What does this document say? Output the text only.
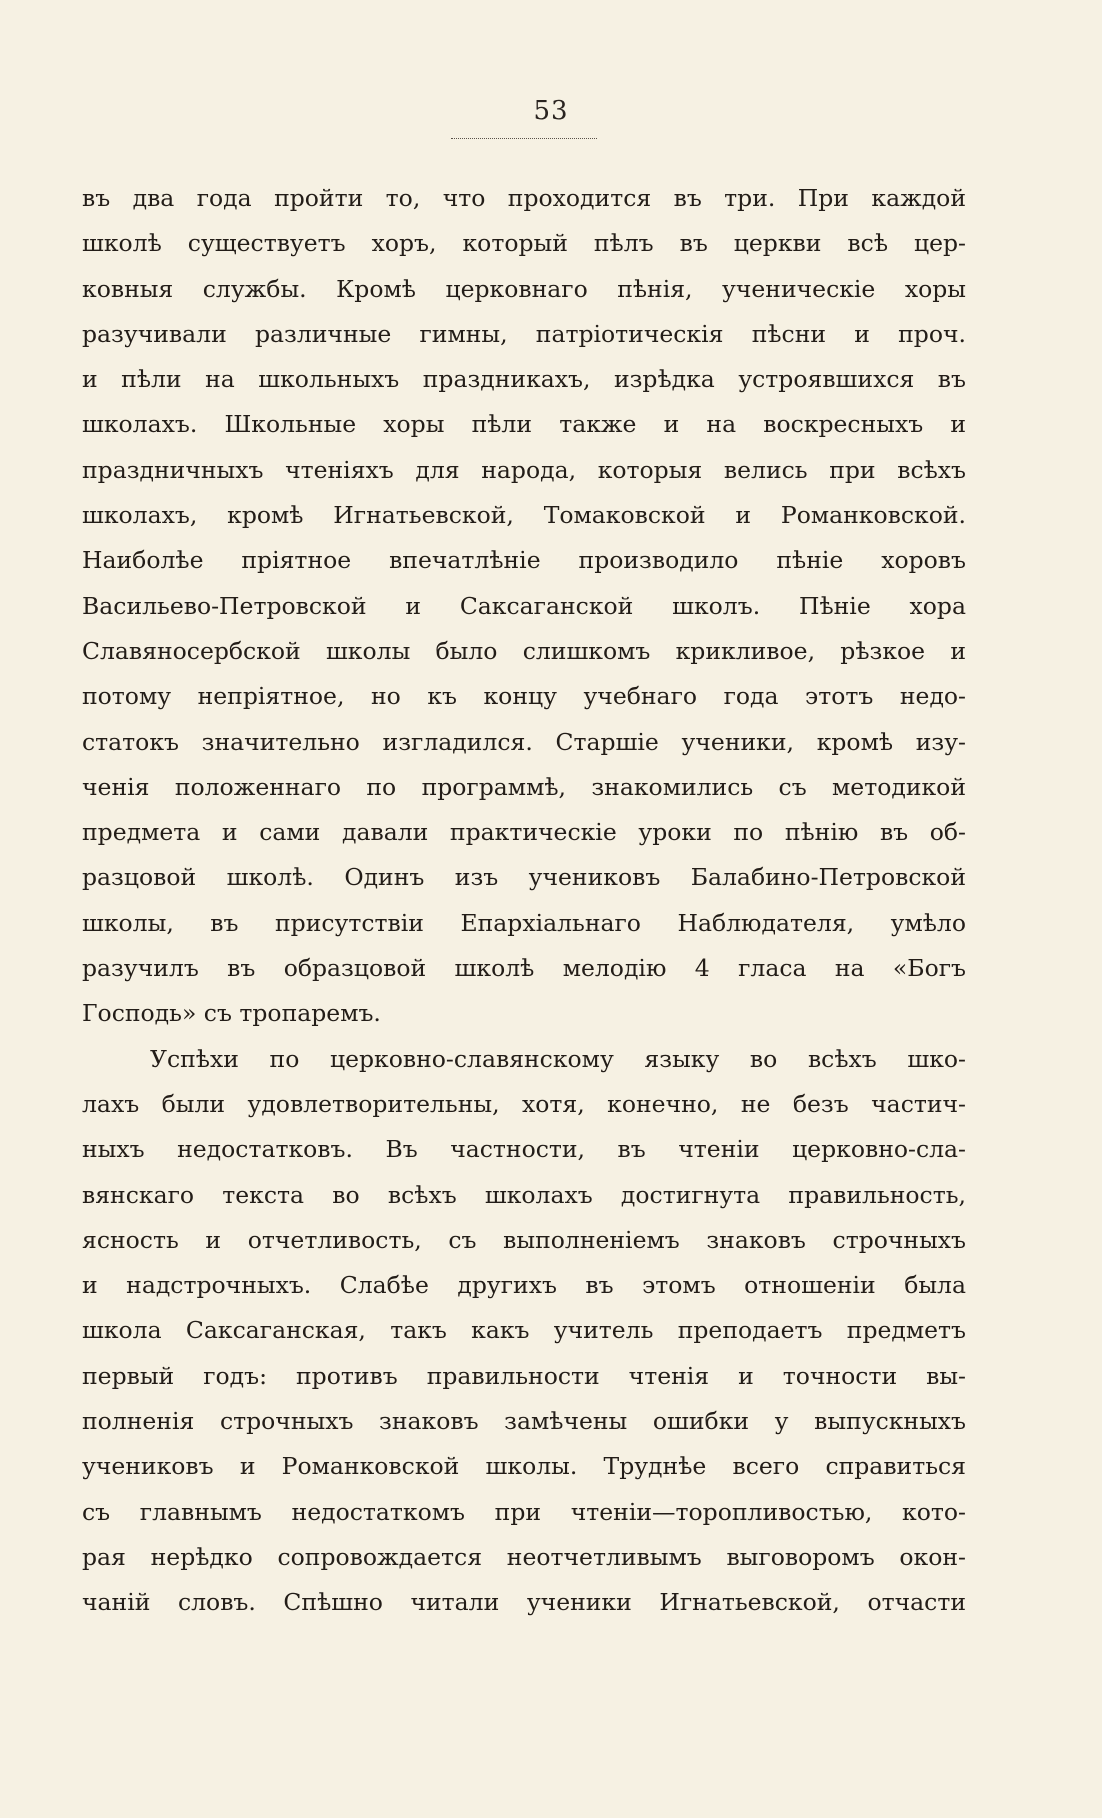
53
въ два года пройти то, что проходится въ три. При каждой
школѣ существуетъ хоръ, который пѣлъ въ церкви всѣ цер-
ковныя службы. Кромѣ церковнаго пѣнія, ученическіе хоры
разучивали различные гимны, патріотическія пѣсни и проч.
и пѣли на школьныхъ праздникахъ, изрѣдка устроявшихся въ
школахъ. Школьные хоры пѣли также и на воскресныхъ и
праздничныхъ чтеніяхъ для народа, которыя велись при всѣхъ
школахъ, кромѣ Игнатьевской, Томаковской и Романковской.
Наиболѣе пріятное впечатлѣніе производило пѣніе хоровъ
Васильево-Петровской и Саксаганской школъ. Пѣніе хора
Славяносербской школы было слишкомъ крикливое, рѣзкое и
потому непріятное, но къ концу учебнаго года этотъ недо-
статокъ значительно изгладился. Старшіе ученики, кромѣ изу-
ченія положеннаго по программѣ, знакомились съ методикой
предмета и сами давали практическіе уроки по пѣнію въ об-
разцовой школѣ. Одинъ изъ учениковъ Балабино-Петровской
школы, въ присутствіи Епархіальнаго Наблюдателя, умѣло
разучилъ въ образцовой школѣ мелодію 4 гласа на «Богъ
Господь» съ тропаремъ.
Успѣхи по церковно-славянскому языку во всѣхъ шко-
лахъ были удовлетворительны, хотя, конечно, не безъ частич-
ныхъ недостатковъ. Въ частности, въ чтеніи церковно-сла-
вянскаго текста во всѣхъ школахъ достигнута правильность,
ясность и отчетливость, съ выполненіемъ знаковъ строчныхъ
и надстрочныхъ. Слабѣе другихъ въ этомъ отношеніи была
школа Саксаганская, такъ какъ учитель преподаетъ предметъ
первый годъ: противъ правильности чтенія и точности вы-
полненія строчныхъ знаковъ замѣчены ошибки у выпускныхъ
учениковъ и Романковской школы. Труднѣе всего справиться
съ главнымъ недостаткомъ при чтеніи—торопливостью, кото-
рая нерѣдко сопровождается неотчетливымъ выговоромъ окон-
чаній словъ. Спѣшно читали ученики Игнатьевской, отчасти
